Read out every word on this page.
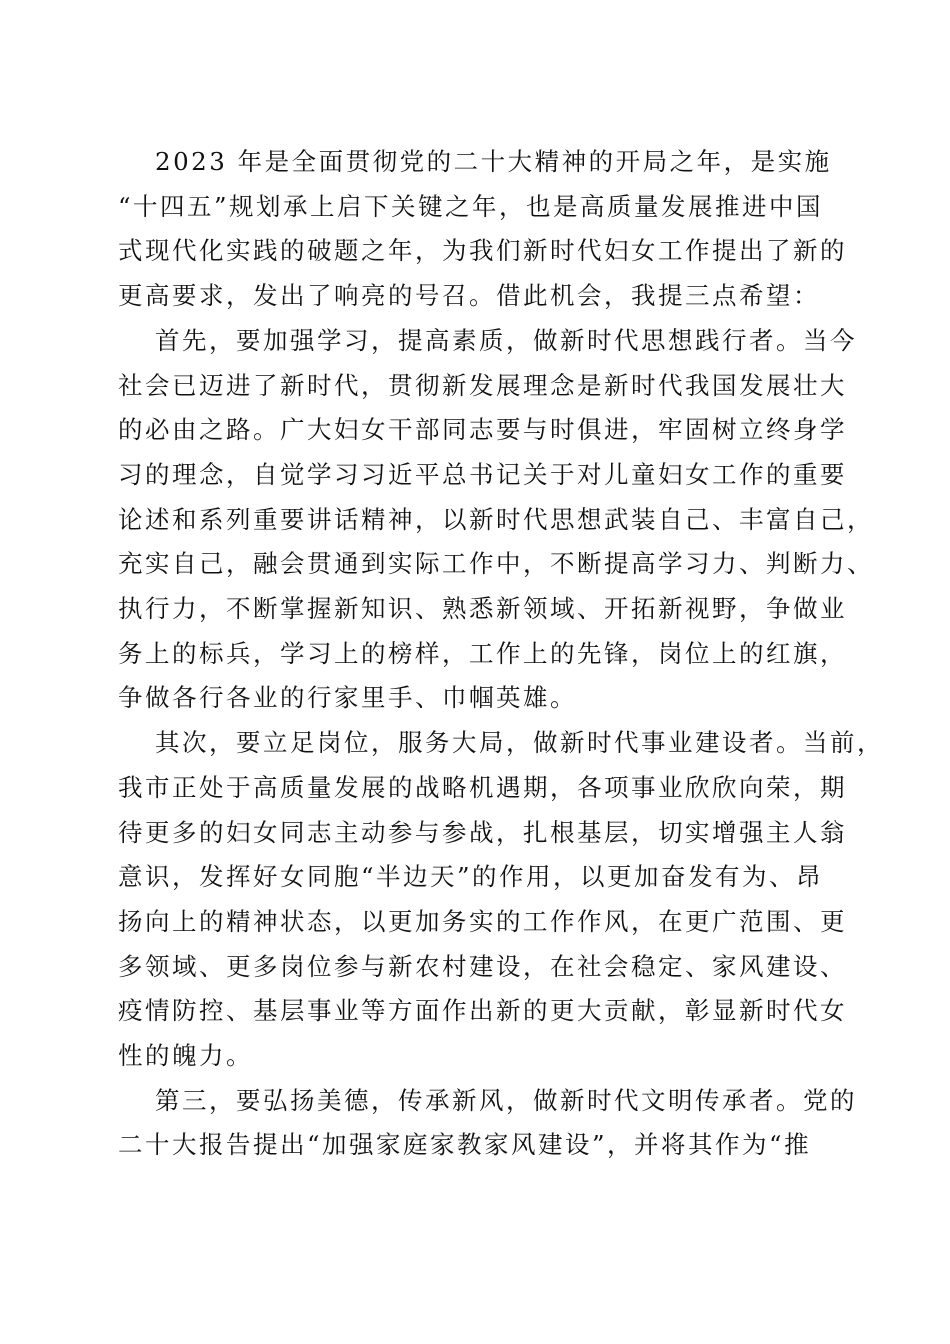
2023 年是全面贯彻党的二十大精神的开局之年，是实施
“十四五”规划承上启下关键之年，也是高质量发展推进中国
式现代化实践的破题之年，为我们新时代妇女工作提出了新的
更高要求，发出了响亮的号召。借此机会，我提三点希望：
首先，要加强学习，提高素质，做新时代思想践行者。当今
社会已迈进了新时代，贯彻新发展理念是新时代我国发展壮大
的必由之路。广大妇女干部同志要与时俱进，牢固树立终身学
习的理念，自觉学习习近平总书记关于对儿童妇女工作的重要
论述和系列重要讲话精神，以新时代思想武装自己、丰富自己，
充实自己，融会贯通到实际工作中，不断提高学习力、判断力、
执行力，不断掌握新知识、熟悉新领域、开拓新视野，争做业
务上的标兵，学习上的榜样，工作上的先锋，岗位上的红旗，
争做各行各业的行家里手、巾帼英雄。
其次，要立足岗位，服务大局，做新时代事业建设者。当前，
我市正处于高质量发展的战略机遇期，各项事业欣欣向荣，期
待更多的妇女同志主动参与参战，扎根基层，切实增强主人翁
意识，发挥好女同胞“半边天”的作用，以更加奋发有为、昂
扬向上的精神状态，以更加务实的工作作风，在更广范围、更
多领域、更多岗位参与新农村建设，在社会稳定、家风建设、
疫情防控、基层事业等方面作出新的更大贡献，彰显新时代女
性的魄力。
第三，要弘扬美德，传承新风，做新时代文明传承者。党的
二十大报告提出“加强家庭家教家风建设”，并将其作为“推
